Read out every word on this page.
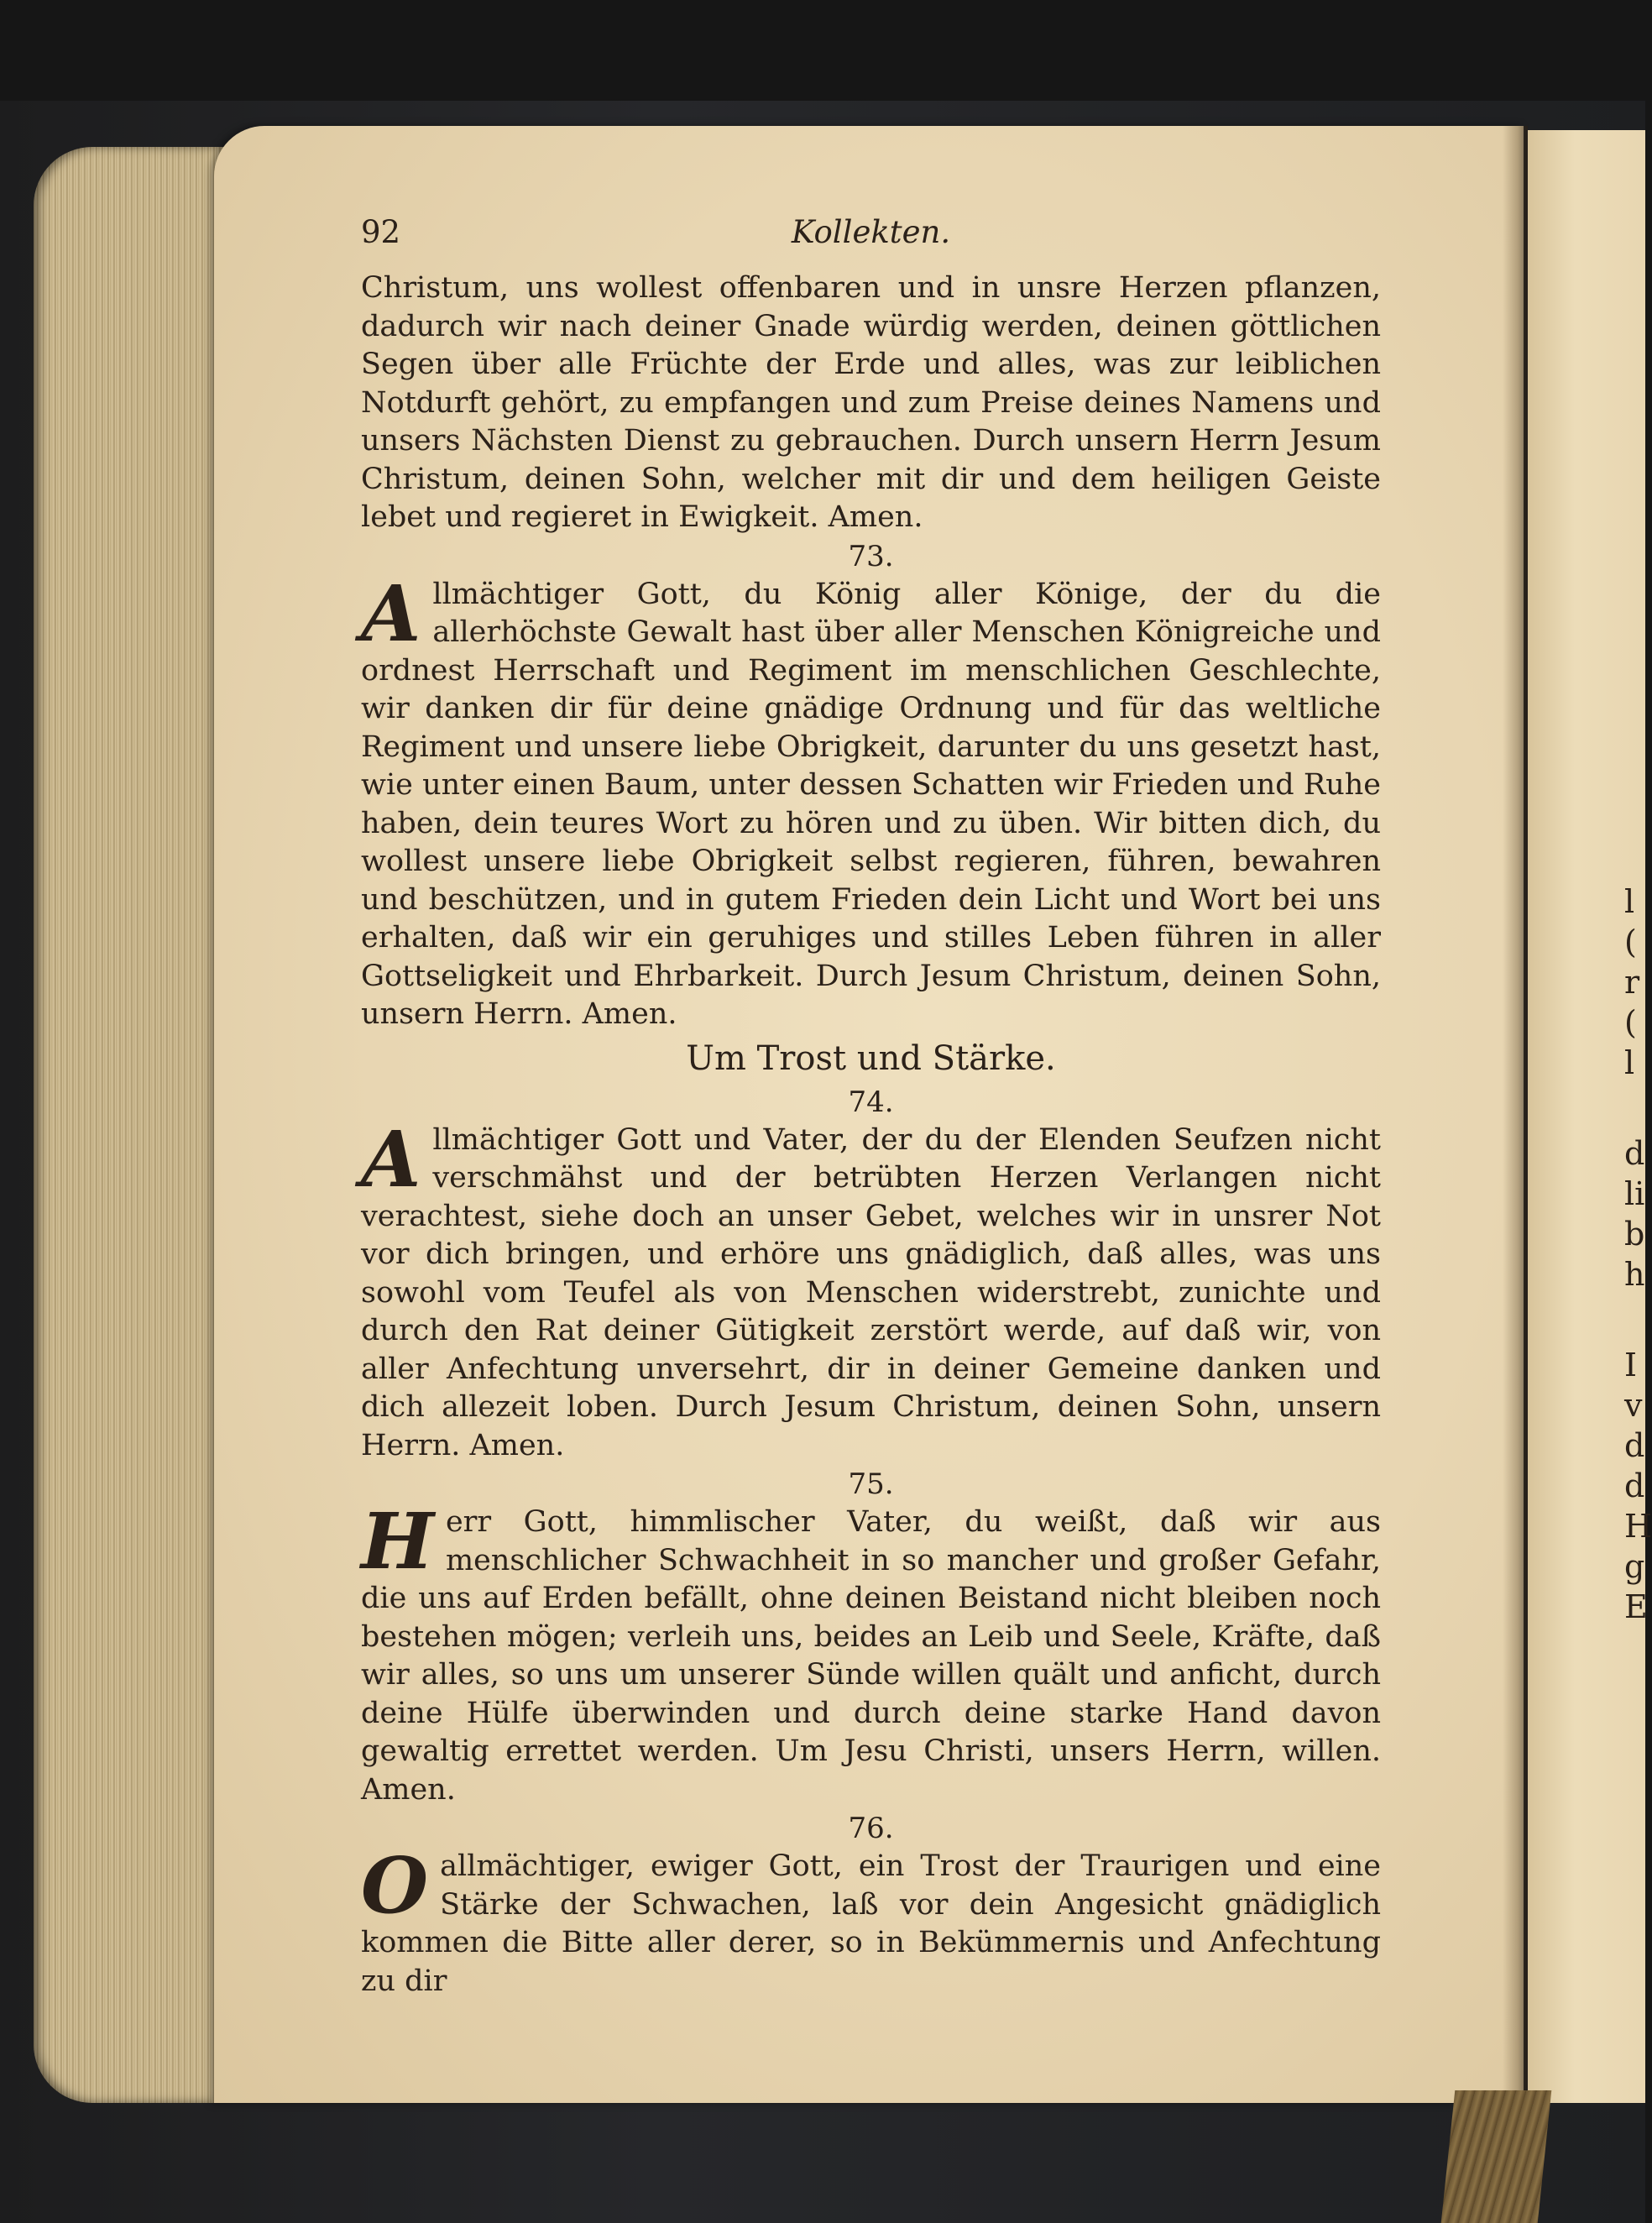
l
(
r
(
l
d
li
b
h
I
v
d
d
H
g
E
92	Kollekten.

Christum, uns wollest offenbaren und in unsre Herzen pflanzen, dadurch wir nach deiner Gnade würdig werden, deinen göttlichen Segen über alle Früchte der Erde und alles, was zur leiblichen Notdurft gehört, zu empfangen und zum Preise deines Namens und unsers Nächsten Dienst zu gebrauchen. Durch unsern Herrn Jesum Christum, deinen Sohn, welcher mit dir und dem heiligen Geiste lebet und regieret in Ewigkeit. Amen.

73.

Allmächtiger Gott, du König aller Könige, der du die allerhöchste Gewalt hast über aller Menschen Königreiche und ordnest Herrschaft und Regiment im menschlichen Geschlechte, wir danken dir für deine gnädige Ordnung und für das weltliche Regiment und unsere liebe Obrigkeit, darunter du uns gesetzt hast, wie unter einen Baum, unter dessen Schatten wir Frieden und Ruhe haben, dein teures Wort zu hören und zu üben. Wir bitten dich, du wollest unsere liebe Obrigkeit selbst regieren, führen, bewahren und beschützen, und in gutem Frieden dein Licht und Wort bei uns erhalten, daß wir ein geruhiges und stilles Leben führen in aller Gottseligkeit und Ehrbarkeit. Durch Jesum Christum, deinen Sohn, unsern Herrn. Amen.

Um Trost und Stärke.

74.

Allmächtiger Gott und Vater, der du der Elenden Seufzen nicht verschmähst und der betrübten Herzen Verlangen nicht verachtest, siehe doch an unser Gebet, welches wir in unsrer Not vor dich bringen, und erhöre uns gnädiglich, daß alles, was uns sowohl vom Teufel als von Menschen widerstrebt, zunichte und durch den Rat deiner Gütigkeit zerstört werde, auf daß wir, von aller Anfechtung unversehrt, dir in deiner Gemeine danken und dich allezeit loben. Durch Jesum Christum, deinen Sohn, unsern Herrn. Amen.

75.

Herr Gott, himmlischer Vater, du weißt, daß wir aus menschlicher Schwachheit in so mancher und großer Gefahr, die uns auf Erden befällt, ohne deinen Beistand nicht bleiben noch bestehen mögen; verleih uns, beides an Leib und Seele, Kräfte, daß wir alles, so uns um unserer Sünde willen quält und anficht, durch deine Hülfe überwinden und durch deine starke Hand davon gewaltig errettet werden. Um Jesu Christi, unsers Herrn, willen. Amen.

76.

Oallmächtiger, ewiger Gott, ein Trost der Traurigen und eine Stärke der Schwachen, laß vor dein Angesicht gnädiglich kommen die Bitte aller derer, so in Bekümmernis und Anfechtung zu dir
